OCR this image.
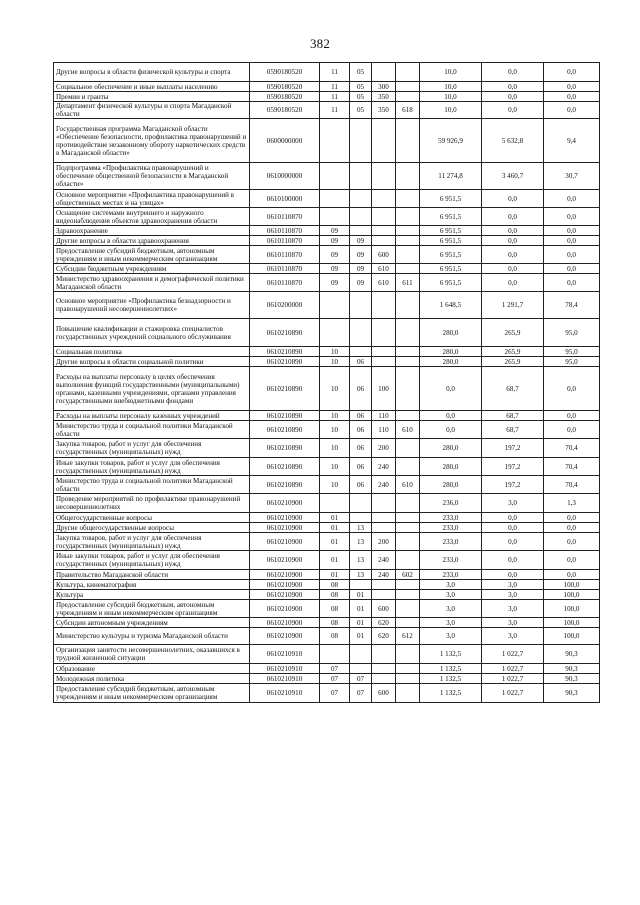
382
Другие вопросы в области физической культуры и спорта	0590180520	11	05			10,0	0,0	0,0
Социальное обеспечение и иные выплаты населению	0590180520	11	05	300		10,0	0,0	0,0
Премии и гранты	0590180520	11	05	350		10,0	0,0	0,0
Департамент физической культуры и спорта Магаданской области	0590180520	11	05	350	618	10,0	0,0	0,0
Государственная программа Магаданской области «Обеспечение безопасности, профилактика правонарушений и противодействие незаконному обороту наркотических средств в Магаданской области»	0600000000					59 926,9	5 632,8	9,4
Подпрограмма «Профилактика правонарушений и обеспечение общественной безопасности в Магаданской области»	0610000000					11 274,8	3 460,7	30,7
Основное мероприятие «Профилактика правонарушений в общественных местах и на улицах»	0610100000					6 951,5	0,0	0,0
Оснащение системами внутреннего и наружного видеонаблюдения объектов здравоохранения области	0610110870					6 951,5	0,0	0,0
Здравоохранение	0610110870	09				6 951,5	0,0	0,0
Другие вопросы в области здравоохранения	0610110870	09	09			6 951,5	0,0	0,0
Предоставление субсидий бюджетным, автономным учреждениям и иным некоммерческим организациям	0610110870	09	09	600		6 951,5	0,0	0,0
Субсидии бюджетным учреждениям	0610110870	09	09	610		6 951,5	0,0	0,0
Министерство здравоохранения и демографической политики Магаданской области	0610110870	09	09	610	611	6 951,5	0,0	0,0
Основное мероприятие «Профилактика безнадзорности и правонарушений несовершеннолетних»	0610200000					1 648,5	1 291,7	78,4
Повышение квалификации и стажировка специалистов государственных учреждений социального обслуживания	0610210890					280,0	265,9	95,0
Социальная политика	0610210890	10				280,0	265,9	95,0
Другие вопросы в области социальной политики	0610210890	10	06			280,0	265,9	95,0
Расходы на выплаты персоналу в целях обеспечения выполнения функций государственными (муниципальными) органами, казенными учреждениями, органами управления государственными внебюджетными фондами	0610210890	10	06	100		0,0	68,7	0,0
Расходы на выплаты персоналу казенных учреждений	0610210890	10	06	110		0,0	68,7	0,0
Министерство труда и социальной политики Магаданской области	0610210890	10	06	110	610	0,0	68,7	0,0
Закупка товаров, работ и услуг для обеспечения государственных (муниципальных) нужд	0610210890	10	06	200		280,0	197,2	70,4
Иные закупки товаров, работ и услуг для обеспечения государственных (муниципальных) нужд	0610210890	10	06	240		280,0	197,2	70,4
Министерство труда и социальной политики Магаданской области	0610210890	10	06	240	610	280,0	197,2	70,4
Проведение мероприятий по профилактике правонарушений несовершеннолетних	0610210900					236,0	3,0	1,3
Общегосударственные вопросы	0610210900	01				233,0	0,0	0,0
Другие общегосударственные вопросы	0610210900	01	13			233,0	0,0	0,0
Закупка товаров, работ и услуг для обеспечения государственных (муниципальных) нужд	0610210900	01	13	200		233,0	0,0	0,0
Иные закупки товаров, работ и услуг для обеспечения государственных (муниципальных) нужд	0610210900	01	13	240		233,0	0,0	0,0
Правительство Магаданской области	0610210900	01	13	240	602	233,0	0,0	0,0
Культура, кинематография	0610210900	08				3,0	3,0	100,0
Культура	0610210900	08	01			3,0	3,0	100,0
Предоставление субсидий бюджетным, автономным учреждениям и иным некоммерческим организациям	0610210900	08	01	600		3,0	3,0	100,0
Субсидии автономным учреждениям	0610210900	08	01	620		3,0	3,0	100,0
Министерство культуры и туризма Магаданской области	0610210900	08	01	620	612	3,0	3,0	100,0
Организация занятости несовершеннолетних, оказавшихся в трудной жизненной ситуации	0610210910					1 132,5	1 022,7	90,3
Образование	0610210910	07				1 132,5	1 022,7	90,3
Молодежная политика	0610210910	07	07			1 132,5	1 022,7	90,3
Предоставление субсидий бюджетным, автономным учреждениям и иным некоммерческим организациям	0610210910	07	07	600		1 132,5	1 022,7	90,3
